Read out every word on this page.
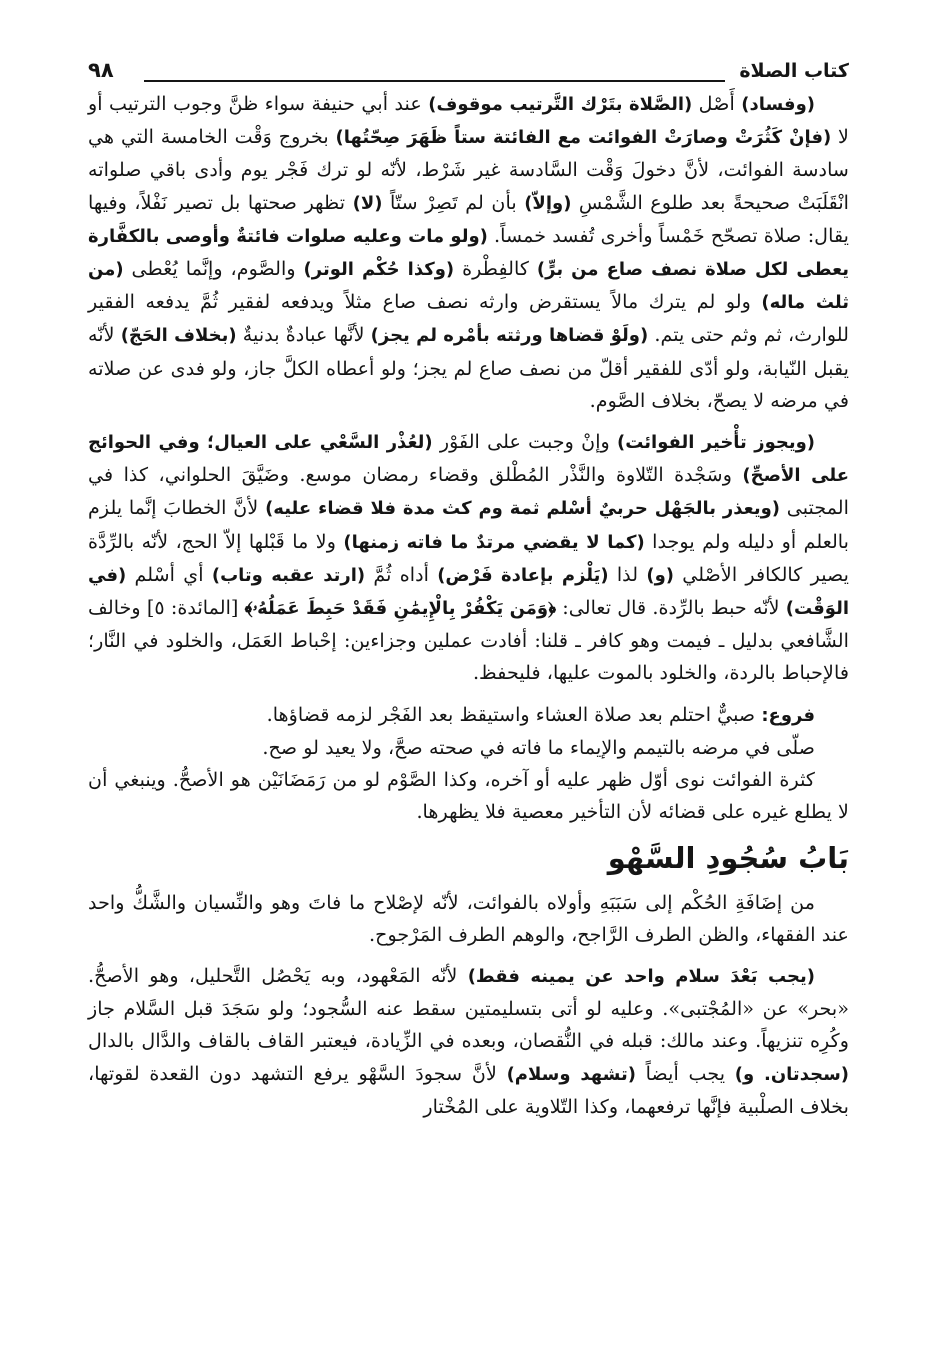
٩٨	كتاب الصلاة

(وفساد) أَصْل (الصَّلاة بتَرْك التَّرتيب موقوف) عند أبي حنيفة سواء ظنَّ وجوب الترتيب أو لا (فإنْ كَثُرَتْ وصارَتْ الفوائت مع الفائتة ستاً ظَهَرَ صِحّتُها) بخروج وَقْت الخامسة التي هي سادسة الفوائت، لأنَّ دخولَ وَقْت السَّادسة غير شَرْط، لأنّه لو ترك فَجْر يوم وأدى باقي صلواته انْقَلَبَتْ صحيحةً بعد طلوع الشَّمْسِ (وإلاّ) بأن لم تَصِرْ ستّاً (لا) تظهر صحتها بل تصير نَفْلاً، وفيها يقال: صلاة تصحّح خَمْساً وأخرى تُفسد خمساً. (ولو مات وعليه صلوات فائتةٌ وأوصى بالكفَّارة يعطى لكل صلاة نصف صاع من برٍّ) كالفِطْرة (وكذا حُكْم الوتر) والصَّوم، وإنَّما يُعْطى (من ثلث ماله) ولو لم يترك مالاً يستقرض وارثه نصف صاع مثلاً ويدفعه لفقير ثُمَّ يدفعه الفقير للوارث، ثم وثم حتى يتم. (ولَوْ قضاها ورثته بأمْره لم يجز) لأنَّها عبادةٌ بدنيةٌ (بخلاف الحَجّ) لأنّه يقبل النّيابة، ولو أدّى للفقير أقلّ من نصف صاع لم يجز؛ ولو أعطاه الكلَّ جاز، ولو فدى عن صلاته في مرضه لا يصحّ، بخلاف الصَّوم.

(ويجوز تأْخير الفوائت) وإنْ وجبت على الفَوْر (لعُذْر السَّعْي على العيال؛ وفي الحوائج على الأصحِّ) وسَجْدة التّلاوة والنَّذْر المُطْلق وقضاء رمضان موسع. وضَيَّقَ الحلواني، كذا في المجتبى (ويعذر بالجَهْل حربيٌ أسْلم ثمة وم كث مدة فلا قضاء عليه) لأنَّ الخطابَ إنَّما يلزم بالعلم أو دليله ولم يوجدا (كما لا يقضي مرتدٌ ما فاته زمنها) ولا ما قَبْلها إلاّ الحج، لأنّه بالرِّدَّة يصير كالكافر الأصْلي (و) لذا (يَلْزم بإعادة فَرْض) أداه ثُمَّ (ارتد عقبه وتاب) أي أسْلم (في الوَقْت) لأنّه حبط بالرِّدة. قال تعالى: ﴿وَمَن يَكْفُرْ بِالْإِيمَٰنِ فَقَدْ حَبِطَ عَمَلُهُۥ﴾ [المائدة: ٥] وخالف الشَّافعي بدليل ـ فيمت وهو كافر ـ قلنا: أفادت عملين وجزاءين: إحْباط العَمَل، والخلود في النَّار؛ فالإحباط بالردة، والخلود بالموت عليها، فليحفظ.

فروع: صبيٌّ احتلم بعد صلاة العشاء واستيقظ بعد الفَجْر لزمه قضاؤها.

صلّى في مرضه بالتيمم والإيماء ما فاته في صحته صحَّ، ولا يعيد لو صح.

كثرة الفوائت نوى أوّل ظهر عليه أو آخره، وكذا الصَّوْم لو من رَمَضَانَيْن هو الأصحُّ. وينبغي أن لا يطلع غيره على قضائه لأن التأخير معصية فلا يظهرها.

بَابُ سُجُودِ السَّهْو

من إضَافَةِ الحُكْم إلى سَبَبَهِ وأولاه بالفوائت، لأنّه لإصْلاح ما فاتَ وهو والنِّسيان والشَّكُّ واحد عند الفقهاء، والظن الطرف الرَّاجح، والوهم الطرف المَرْجوح.

(يجب بَعْدَ سلام واحد عن يمينه فقط) لأنّه المَعْهود، وبه يَحْصُل التَّحليل، وهو الأصحُّ. «بحر» عن «المُجْتبى». وعليه لو أتى بتسليمتين سقط عنه السُّجود؛ ولو سَجَدَ قبل السَّلام جاز وكُرِه تنزيهاً. وعند مالك: قبله في النُّقصان، وبعده في الزِّيادة، فيعتبر القاف بالقاف والدَّال بالدال (سجدتان. و) يجب أيضاً (تشهد وسلام) لأنَّ سجودَ السَّهْو يرفع التشهد دون القعدة لقوتها، بخلاف الصلْبية فإنَّها ترفعهما، وكذا التّلاوية على المُخْتار
